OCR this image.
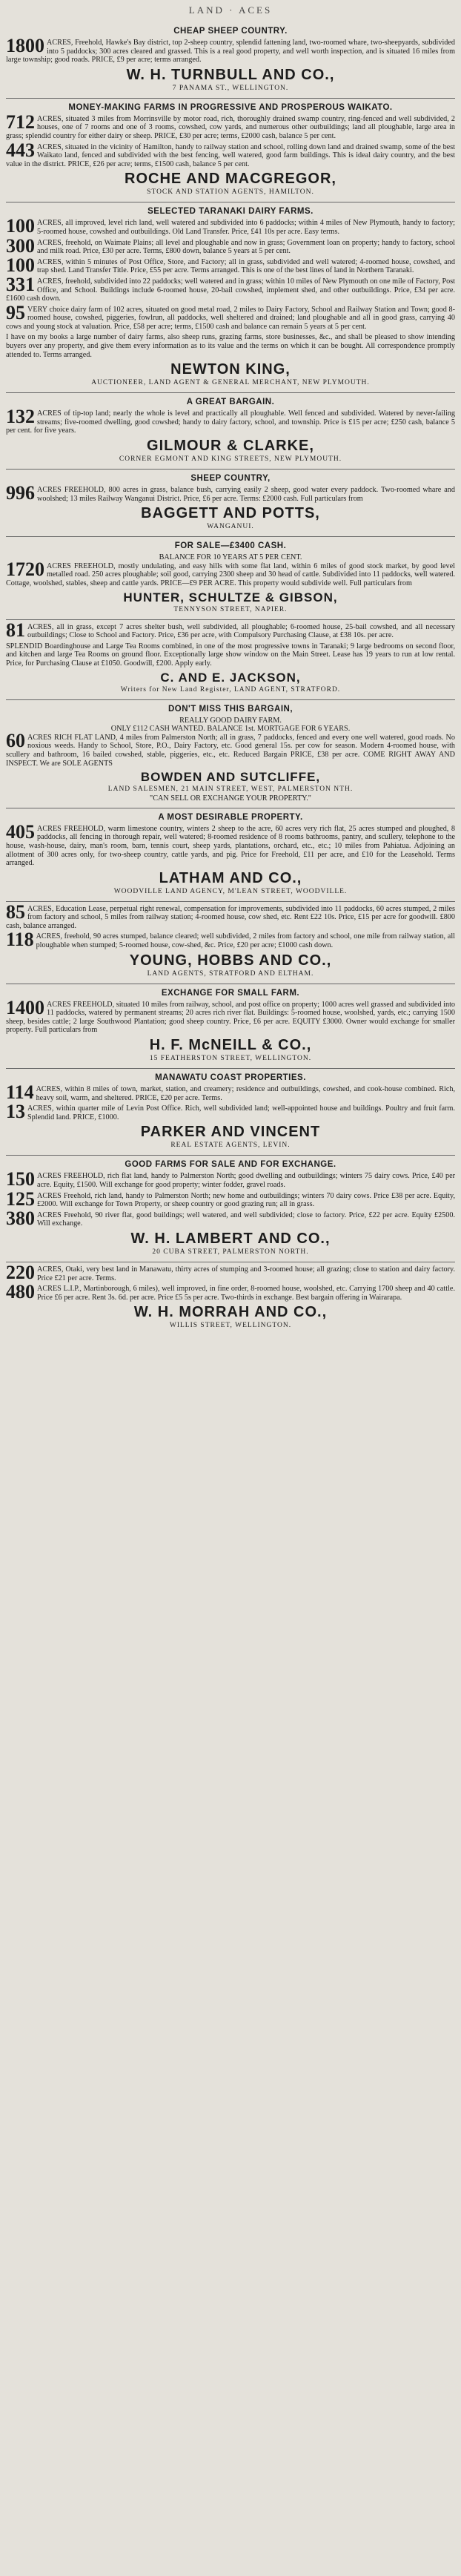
LAND · ACES
CHEAP SHEEP COUNTRY.

1800 ACRES, Freehold, Hawke's Bay district, top 2-sheep country, splendid fattening land, two-roomed whare, two-sheepyards, subdivided into 5 paddocks; 300 acres cleared and grassed. This is a real good property, and well worth inspection, and is situated 16 miles from large township; good roads. PRICE, £9 per acre; terms arranged.

W. H. TURNBULL AND CO.,
7 PANAMA ST., WELLINGTON.
MONEY-MAKING FARMS IN PROGRESSIVE AND PROSPEROUS WAIKATO.

712 ACRES, situated 3 miles from Morrinsville by motor road, rich, thoroughly drained swamp country, ring-fenced and well subdivided, 2 houses, one of 7 rooms and one of 3 rooms, cowshed, cow yards, and numerous other outbuildings; land all ploughable, large area in grass; splendid country for either dairy or sheep. PRICE, £30 per acre; terms, £2000 cash, balance 5 per cent.

443 ACRES, situated in the vicinity of Hamilton, handy to railway station and school, rolling down land and drained swamp, some of the best Waikato land, fenced and subdivided with the best fencing, well watered, good farm buildings. This is ideal dairy country, and the best value in the district. PRICE, £26 per acre; terms, £1500 cash, balance 5 per cent.

ROCHE AND MACGREGOR,
STOCK AND STATION AGENTS, HAMILTON.
SELECTED TARANAKI DAIRY FARMS.

100 ACRES, all improved, level rich land, well watered and subdivided into 6 paddocks; within 4 miles of New Plymouth, handy to factory; 5-roomed house, cowshed and outbuildings. Old Land Transfer. Price, £41 10s per acre. Easy terms.

300 ACRES, freehold, on Waimate Plains; all level and ploughable and now in grass; Government loan on property; handy to factory, school and milk road. Price, £30 per acre. Terms, £800 down, balance 5 years at 5 per cent.

100 ACRES, within 5 minutes of Post Office, Store, and Factory; all in grass, subdivided and well watered; 4-roomed house, cowshed, and trap shed. Land Transfer Title. Price, £55 per acre. Terms arranged. This is one of the best lines of land in Northern Taranaki.

331 ACRES, freehold, subdivided into 22 paddocks; well watered and in grass; within 10 miles of New Plymouth on one mile of Factory, Post Office, and School. Buildings include 6-roomed house, 20-bail cowshed, implement shed, and other outbuildings. Price, £34 per acre. £1600 cash down.

95 VERY choice dairy farm of 102 acres, situated on good metal road, 2 miles to Dairy Factory, School and Railway Station and Town; good 8-roomed house, cowshed, piggeries, fowlrun, all paddocks, well sheltered and drained; land ploughable and all in good grass, carrying 40 cows and young stock at valuation. Price, £58 per acre; terms, £1500 cash and balance can remain 5 years at 5 per cent.

I have on my books a large number of dairy farms, also sheep runs, grazing farms, store businesses, &c., and shall be pleased to show intending buyers over any property, and give them every information as to its value and the terms on which it can be bought. All correspondence promptly attended to. Terms arranged.

NEWTON KING,
AUCTIONEER, LAND AGENT & GENERAL MERCHANT, NEW PLYMOUTH.
A GREAT BARGAIN.

132 ACRES of tip-top land; nearly the whole is level and practically all ploughable. Well fenced and subdivided. Watered by never-failing streams; five-roomed dwelling, good cowshed; handy to dairy factory, school, and township. Price is £15 per acre; £250 cash, balance 5 per cent. for five years.

GILMOUR & CLARKE,
CORNER EGMONT AND KING STREETS, NEW PLYMOUTH.
SHEEP COUNTRY,

996 ACRES FREEHOLD, 800 acres in grass, balance bush, carrying easily 2 sheep, good water every paddock. Two-roomed whare and woolshed; 13 miles Railway Wanganui District. Price, £6 per acre. Terms: £2000 cash. Full particulars from

BAGGETT AND POTTS,
WANGANUI.
FOR SALE—£3400 CASH.
BALANCE FOR 10 YEARS AT 5 PER CENT.

1720 ACRES FREEHOLD, mostly undulating, and easy hills with some flat land, within 6 miles of good stock market, by good level metalled road. 250 acres ploughable; soil good, carrying 2300 sheep and 30 head of cattle. Subdivided into 11 paddocks, well watered. Cottage, woolshed, stables, sheep and cattle yards. PRICE—£9 PER ACRE. This property would subdivide well. Full particulars from

HUNTER, SCHULTZE & GIBSON,
TENNYSON STREET, NAPIER.

81 ACRES, all in grass, except 7 acres shelter bush, well subdivided, all ploughable; 6-roomed house, 25-bail cowshed, and all necessary outbuildings; Close to School and Factory. Price, £36 per acre, with Compulsory Purchasing Clause, at £38 10s. per acre.

SPLENDID Boardinghouse and Large Tea Rooms combined, in one of the most progressive towns in Taranaki; 9 large bedrooms on second floor, and kitchen and large Tea Rooms on ground floor. Exceptionally large show window on the Main Street. Lease has 19 years to run at low rental. Price, for Purchasing Clause at £1050. Goodwill, £200. Apply early.

C. AND E. JACKSON,
Writers for New Land Register, LAND AGENT, STRATFORD.
DON'T MISS THIS BARGAIN,
REALLY GOOD DAIRY FARM.
ONLY £112 CASH WANTED. BALANCE 1st. MORTGAGE FOR 6 YEARS.

60 ACRES RICH FLAT LAND, 4 miles from Palmerston North; all in grass, 7 paddocks, fenced and every one well watered, good roads. No noxious weeds. Handy to School, Store, P.O., Dairy Factory, etc. Good general 15s. per cow for season. Modern 4-roomed house, with scullery and bathroom, 16 bailed cowshed, stable, piggeries, etc., etc. Reduced Bargain PRICE, £38 per acre. COME RIGHT AWAY AND INSPECT. We are SOLE AGENTS

BOWDEN AND SUTCLIFFE,
LAND SALESMEN, 21 MAIN STREET, WEST, PALMERSTON NTH.
"CAN SELL OR EXCHANGE YOUR PROPERTY."
A MOST DESIRABLE PROPERTY.

405 ACRES FREEHOLD, warm limestone country, winters 2 sheep to the acre, 60 acres very rich flat, 25 acres stumped and ploughed, 8 paddocks, all fencing in thorough repair, well watered; 8-roomed residence of 8 rooms bathrooms, pantry, and scullery, telephone to the house, wash-house, dairy, man's room, barn, tennis court, sheep yards, plantations, orchard, etc., etc.; 10 miles from Pahiatua. Adjoining an allotment of 300 acres only, for two-sheep country, cattle yards, and pig. Price for Freehold, £11 per acre, and £10 for the Leasehold. Terms arranged.

LATHAM AND CO.,
WOODVILLE LAND AGENCY, M'LEAN STREET, WOODVILLE.

85 ACRES, Education Lease, perpetual right renewal, compensation for improvements, subdivided into 11 paddocks, 60 acres stumped, 2 miles from factory and school, 5 miles from railway station; 4-roomed house, cow shed, etc. Rent £22 10s. Price, £15 per acre for goodwill. £800 cash, balance arranged.

118 ACRES, freehold, 90 acres stumped, balance cleared; well subdivided, 2 miles from factory and school, one mile from railway station, all ploughable when stumped; 5-roomed house, cow-shed, &c. Price, £20 per acre; £1000 cash down.

YOUNG, HOBBS AND CO.,
LAND AGENTS, STRATFORD AND ELTHAM.
EXCHANGE FOR SMALL FARM.

1400 ACRES FREEHOLD, situated 10 miles from railway, school, and post office on property; 1000 acres well grassed and subdivided into 11 paddocks, watered by permanent streams; 20 acres rich river flat. Buildings: 5-roomed house, woolshed, yards, etc.; carrying 1500 sheep, besides cattle; 2 large Southwood Plantation; good sheep country. Price, £6 per acre. EQUITY £3000. Owner would exchange for smaller property. Full particulars from

H. F. McNEILL & CO.,
15 FEATHERSTON STREET, WELLINGTON.
MANAWATU COAST PROPERTIES.

114 ACRES, within 8 miles of town, market, station, and creamery; residence and outbuildings, cowshed, and cook-house combined. Rich, heavy soil, warm, and sheltered. PRICE, £20 per acre. Terms.

13 ACRES, within quarter mile of Levin Post Office. Rich, well subdivided land; well-appointed house and buildings. Poultry and fruit farm. Splendid land. PRICE, £1000.

PARKER AND VINCENT
REAL ESTATE AGENTS, LEVIN.
GOOD FARMS FOR SALE AND FOR EXCHANGE.

150 ACRES FREEHOLD, rich flat land, handy to Palmerston North; good dwelling and outbuildings; winters 75 dairy cows. Price, £40 per acre. Equity, £1500. Will exchange for good property; winter fodder, gravel roads.

125 ACRES Freehold, rich land, handy to Palmerston North; new home and outbuildings; winters 70 dairy cows. Price £38 per acre. Equity, £2000. Will exchange for Town Property, or sheep country or good grazing run; all in grass.

380 ACRES Freehold, 90 river flat, good buildings; well watered, and well subdivided; close to factory. Price, £22 per acre. Equity £2500. Will exchange.

W. H. LAMBERT AND CO.,
20 CUBA STREET, PALMERSTON NORTH.

220 ACRES, Otaki, very best land in Manawatu, thirty acres of stumping and 3-roomed house; all grazing; close to station and dairy factory. Price £21 per acre. Terms.

480 ACRES L.I.P., Martinborough, 6 miles), well improved, in fine order, 8-roomed house, woolshed, etc. Carrying 1700 sheep and 40 cattle. Price £6 per acre. Rent 3s. 6d. per acre. Price £5 5s per acre. Two-thirds in exchange. Best bargain offering in Wairarapa.

W. H. MORRAH AND CO.,
WILLIS STREET, WELLINGTON.
